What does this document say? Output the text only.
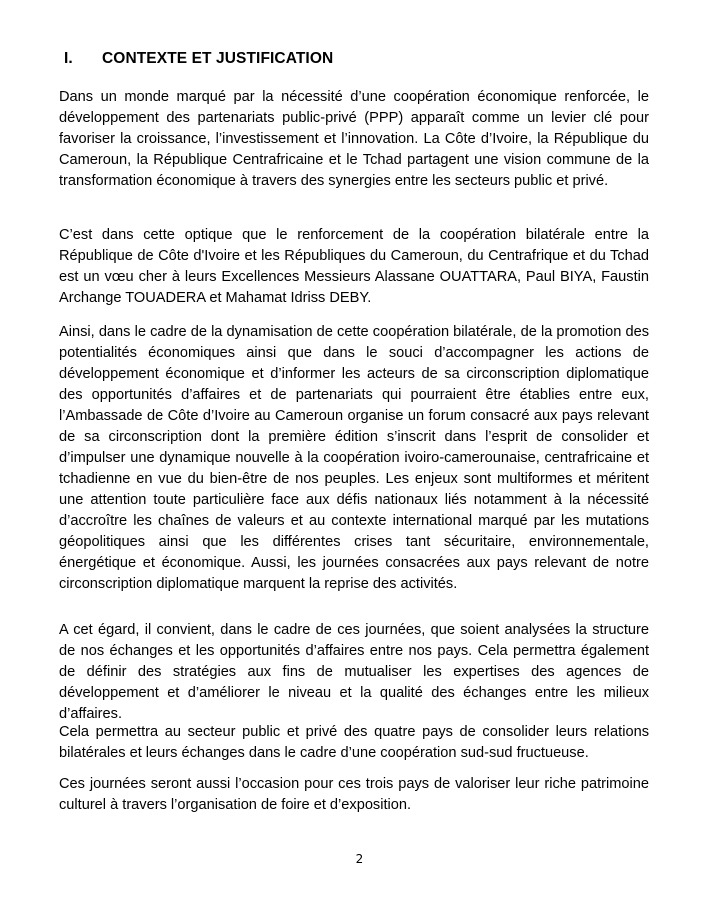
I. CONTEXTE ET JUSTIFICATION

Dans un monde marqué par la nécessité d’une coopération économique renforcée, le développement des partenariats public-privé (PPP) apparaît comme un levier clé pour favoriser la croissance, l’investissement et l’innovation. La Côte d’Ivoire, la République du Cameroun, la République Centrafricaine et le Tchad partagent une vision commune de la transformation économique à travers des synergies entre les secteurs public et privé.

C’est dans cette optique que le renforcement de la coopération bilatérale entre la République de Côte d'Ivoire et les Républiques du Cameroun, du Centrafrique et du Tchad est un vœu cher à leurs Excellences Messieurs Alassane OUATTARA, Paul BIYA, Faustin Archange TOUADERA et Mahamat Idriss DEBY.

Ainsi, dans le cadre de la dynamisation de cette coopération bilatérale, de la promotion des potentialités économiques ainsi que dans le souci d’accompagner les actions de développement économique et d’informer les acteurs de sa circonscription diplomatique des opportunités d’affaires et de partenariats qui pourraient être établies entre eux, l’Ambassade de Côte d’Ivoire au Cameroun organise un forum consacré aux pays relevant de sa circonscription dont la première édition s’inscrit dans l’esprit de consolider et d’impulser une dynamique nouvelle à la coopération ivoiro-camerounaise, centrafricaine et tchadienne en vue du bien-être de nos peuples. Les enjeux sont multiformes et méritent une attention toute particulière face aux défis nationaux liés notamment à la nécessité d’accroître les chaînes de valeurs et au contexte international marqué par les mutations géopolitiques ainsi que les différentes crises tant sécuritaire, environnementale, énergétique et économique. Aussi, les journées consacrées aux pays relevant de notre circonscription diplomatique marquent la reprise des activités.

A cet égard, il convient, dans le cadre de ces journées, que soient analysées la structure de nos échanges et les opportunités d’affaires entre nos pays. Cela permettra également de définir des stratégies aux fins de mutualiser les expertises des agences de développement et d’améliorer le niveau et la qualité des échanges entre les milieux d’affaires.

Cela permettra au secteur public et privé des quatre pays de consolider leurs relations bilatérales et leurs échanges dans le cadre d’une coopération sud-sud fructueuse.

Ces journées seront aussi l’occasion pour ces trois pays de valoriser leur riche patrimoine culturel à travers l’organisation de foire et d’exposition.

2
